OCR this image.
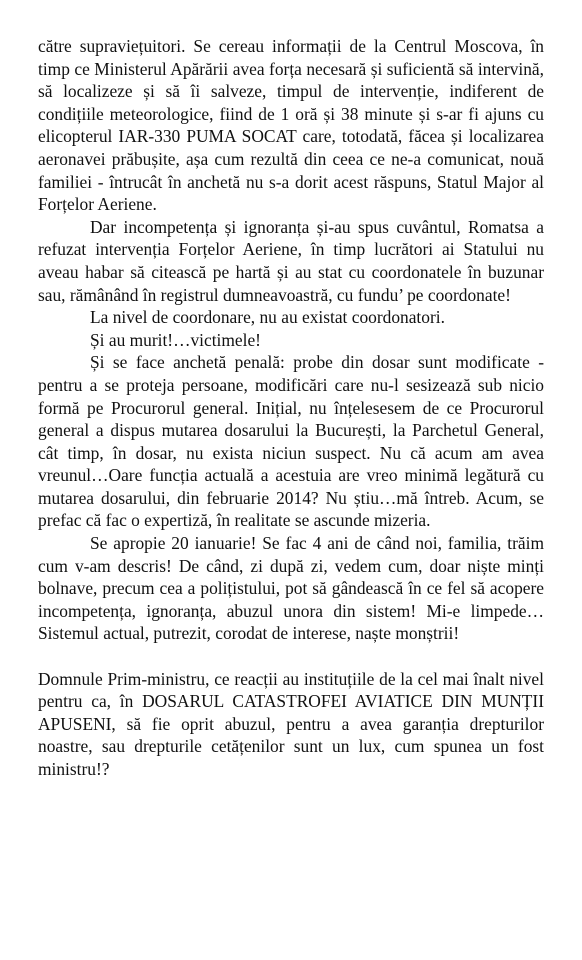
către supraviețuitori. Se cereau informații de la Centrul Moscova, în timp ce Ministerul Apărării avea forța necesară și suficientă să intervină, să localizeze și să îi salveze, timpul de intervenție, indiferent de condițiile meteorologice, fiind de 1 oră și 38 minute și s-ar fi ajuns cu elicopterul IAR-330 PUMA SOCAT care, totodată, făcea și localizarea aeronavei prăbușite, așa cum rezultă din ceea ce ne-a comunicat, nouă familiei - întrucât în anchetă nu s-a dorit acest răspuns, Statul Major al Forțelor Aeriene.

Dar incompetența și ignoranța și-au spus cuvântul, Romatsa a refuzat intervenția Forțelor Aeriene, în timp lucrători ai Statului nu aveau habar să citească pe hartă și au stat cu coordonatele în buzunar sau, rămânând în registrul dumneavoastră, cu fundu’ pe coordonate!

La nivel de coordonare, nu au existat coordonatori.

Și au murit!…victimele!

Și se face anchetă penală: probe din dosar sunt modificate - pentru a se proteja persoane, modificări care nu-l sesizează sub nicio formă pe Procurorul general. Inițial, nu înțelesesem de ce Procurorul general a dispus mutarea dosarului la București, la Parchetul General, cât timp, în dosar, nu exista niciun suspect. Nu că acum am avea vreunul…Oare funcția actuală a acestuia are vreo minimă legătură cu mutarea dosarului, din februarie 2014? Nu știu…mă întreb. Acum, se prefac că fac o expertiză, în realitate se ascunde mizeria.

Se apropie 20 ianuarie! Se fac 4 ani de când noi, familia, trăim cum v-am descris! De când, zi după zi, vedem cum, doar niște minți bolnave, precum cea a polițistului, pot să gândească în ce fel să acopere incompetența, ignoranța, abuzul unora din sistem! Mi-e limpede…Sistemul actual, putrezit, corodat de interese, naște monștrii!

Domnule Prim-ministru, ce reacții au instituțiile de la cel mai înalt nivel pentru ca, în DOSARUL CATASTROFEI AVIATICE DIN MUNȚII APUSENI, să fie oprit abuzul, pentru a avea garanția drepturilor noastre, sau drepturile cetățenilor sunt un lux, cum spunea un fost ministru!?
